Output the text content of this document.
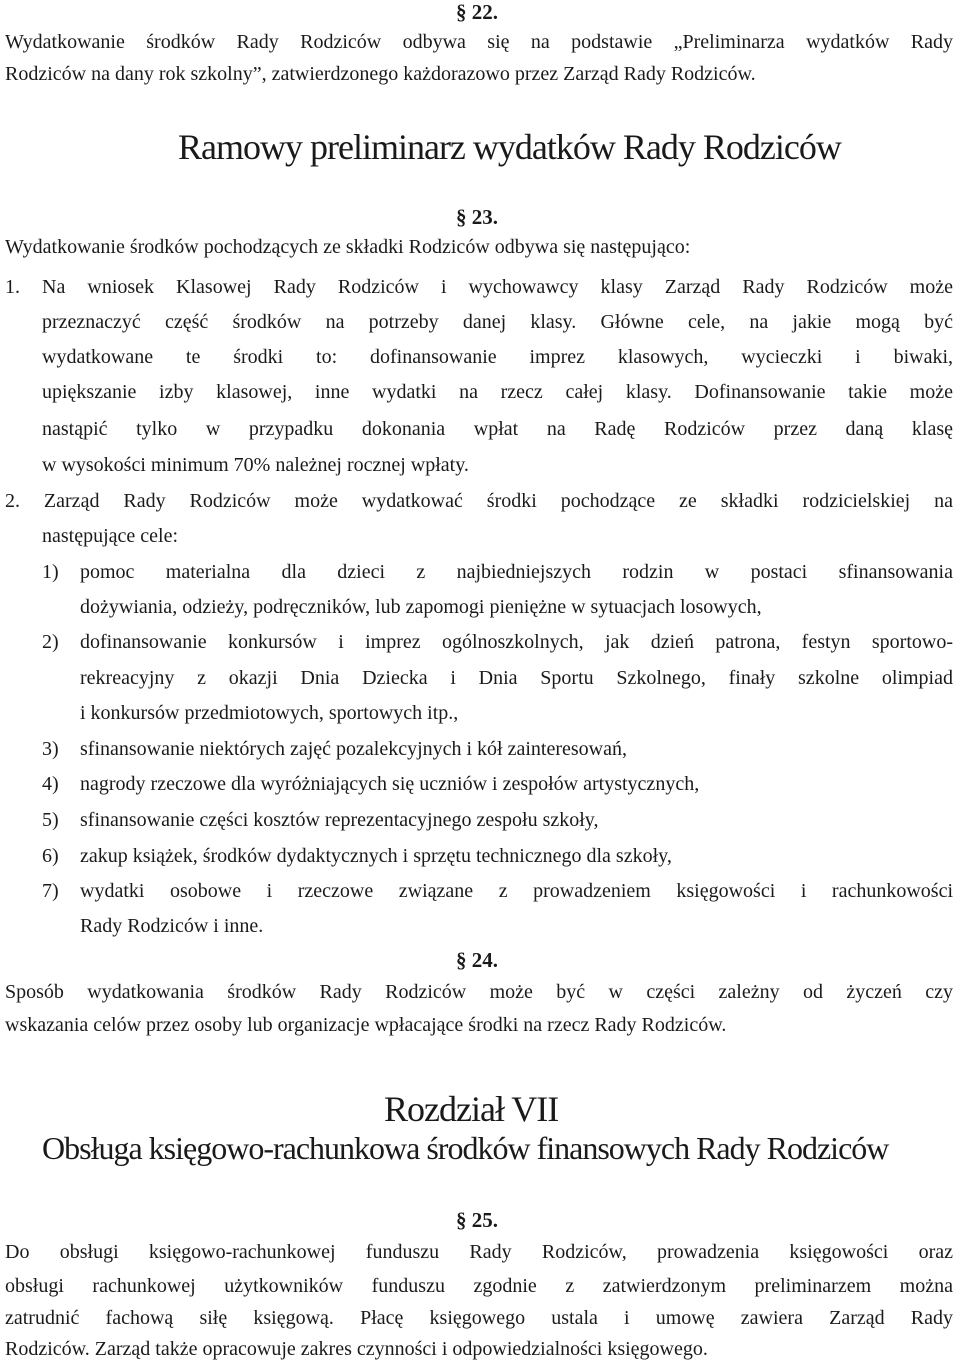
§ 22.
Wydatkowanie środków Rady Rodziców odbywa się na podstawie „Preliminarza wydatków Rady
Rodziców na dany rok szkolny”, zatwierdzonego każdorazowo przez Zarząd Rady Rodziców.
Ramowy preliminarz wydatków Rady Rodziców
§ 23.
Wydatkowanie środków pochodzących ze składki Rodziców odbywa się następująco:
1. Na wniosek Klasowej Rady Rodziców i wychowawcy klasy Zarząd Rady Rodziców może
przeznaczyć część środków na potrzeby danej klasy. Główne cele, na jakie mogą być
wydatkowane te środki to: dofinansowanie imprez klasowych, wycieczki i biwaki,
upiększanie izby klasowej, inne wydatki na rzecz całej klasy. Dofinansowanie takie może
nastąpić tylko w przypadku dokonania wpłat na Radę Rodziców przez daną klasę
w wysokości minimum 70% należnej rocznej wpłaty.
2. Zarząd Rady Rodziców może wydatkować środki pochodzące ze składki rodzicielskiej na
następujące cele:
1) pomoc materialna dla dzieci z najbiedniejszych rodzin w postaci sfinansowania
dożywiania, odzieży, podręczników, lub zapomogi pieniężne w sytuacjach losowych,
2) dofinansowanie konkursów i imprez ogólnoszkolnych, jak dzień patrona, festyn sportowo-
rekreacyjny z okazji Dnia Dziecka i Dnia Sportu Szkolnego, finały szkolne olimpiad
i konkursów przedmiotowych, sportowych itp.,
3) sfinansowanie niektórych zajęć pozalekcyjnych i kół zainteresowań,
4) nagrody rzeczowe dla wyróżniających się uczniów i zespołów artystycznych,
5) sfinansowanie części kosztów reprezentacyjnego zespołu szkoły,
6) zakup książek, środków dydaktycznych i sprzętu technicznego dla szkoły,
7) wydatki osobowe i rzeczowe związane z prowadzeniem księgowości i rachunkowości
Rady Rodziców i inne.
§ 24.
Sposób wydatkowania środków Rady Rodziców może być w części zależny od życzeń czy
wskazania celów przez osoby lub organizacje wpłacające środki na rzecz Rady Rodziców.
Rozdział VII
Obsługa księgowo-rachunkowa środków finansowych Rady Rodziców
§ 25.
Do obsługi księgowo-rachunkowej funduszu Rady Rodziców, prowadzenia księgowości oraz
obsługi rachunkowej użytkowników funduszu zgodnie z zatwierdzonym preliminarzem można
zatrudnić fachową siłę księgową. Płacę księgowego ustala i umowę zawiera Zarząd Rady
Rodziców. Zarząd także opracowuje zakres czynności i odpowiedzialności księgowego.
